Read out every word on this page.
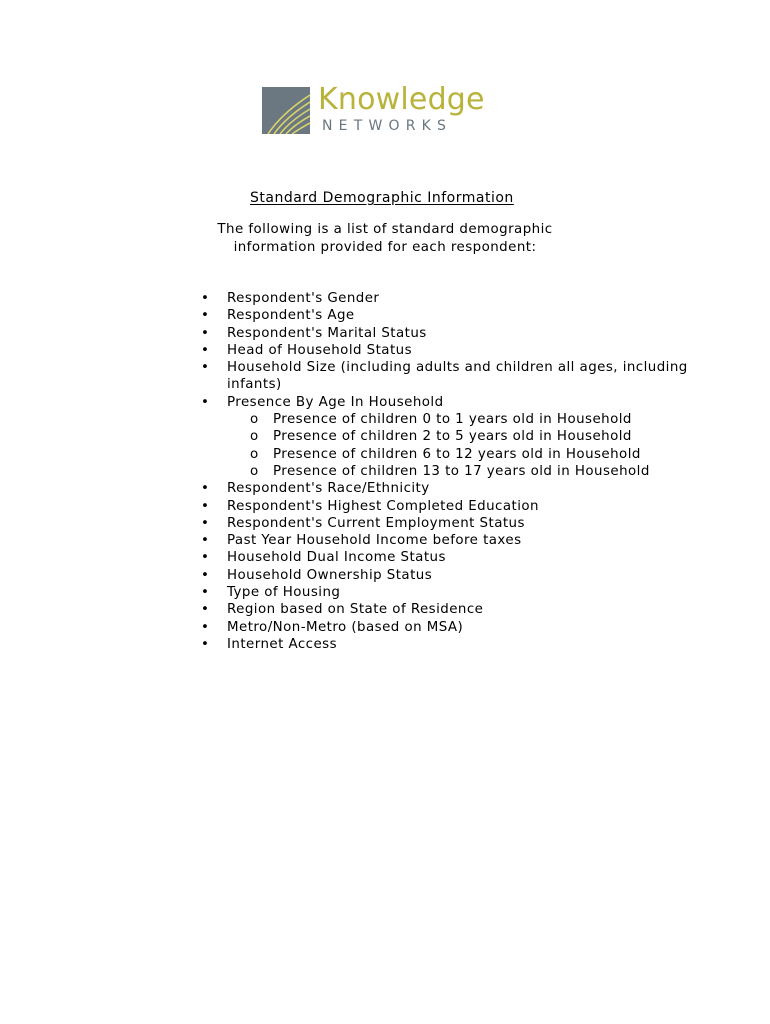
Knowledge
NETWORKS
Standard Demographic Information
The following is a list of standard demographic
information provided for each respondent:
• Respondent's Gender
• Respondent's Age
• Respondent's Marital Status
• Head of Household Status
• Household Size (including adults and children all ages, including infants)
• Presence By Age In Household
o Presence of children 0 to 1 years old in Household
o Presence of children 2 to 5 years old in Household
o Presence of children 6 to 12 years old in Household
o Presence of children 13 to 17 years old in Household
• Respondent's Race/Ethnicity
• Respondent's Highest Completed Education
• Respondent's Current Employment Status
• Past Year Household Income before taxes
• Household Dual Income Status
• Household Ownership Status
• Type of Housing
• Region based on State of Residence
• Metro/Non-Metro (based on MSA)
• Internet Access
